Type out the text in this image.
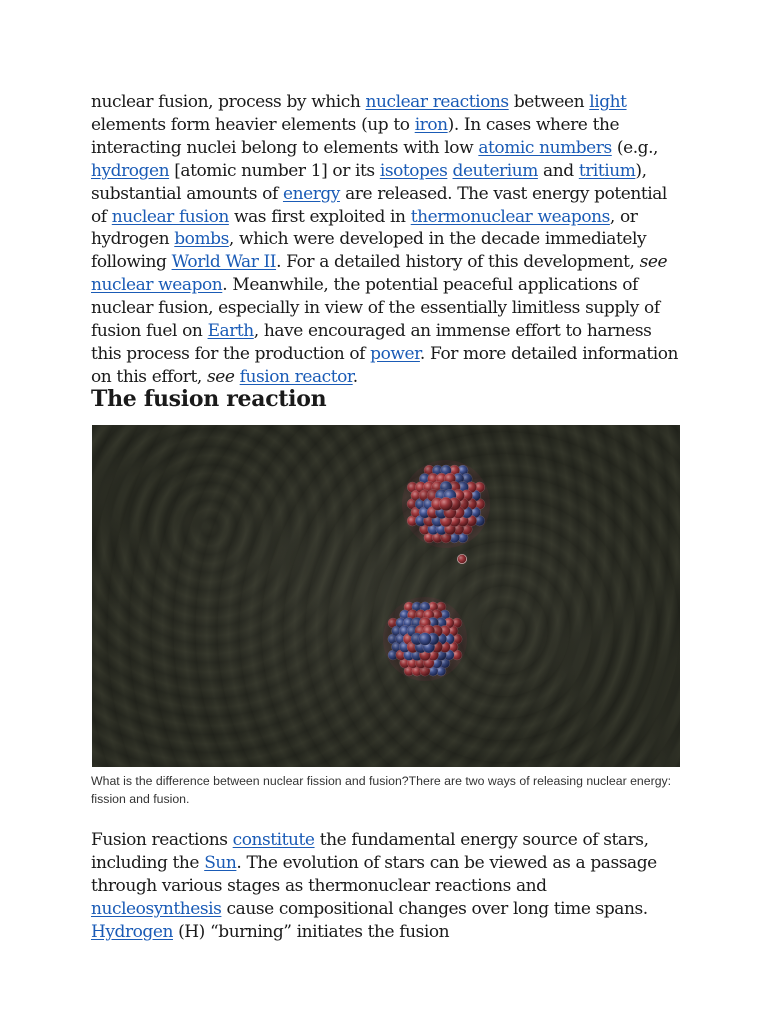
nuclear fusion, process by which nuclear reactions between light elements form heavier elements (up to iron). In cases where the interacting nuclei belong to elements with low atomic numbers (e.g., hydrogen [atomic number 1] or its isotopes deuterium and tritium), substantial amounts of energy are released. The vast energy potential of nuclear fusion was first exploited in thermonuclear weapons, or hydrogen bombs, which were developed in the decade immediately following World War II. For a detailed history of this development, see nuclear weapon. Meanwhile, the potential peaceful applications of nuclear fusion, especially in view of the essentially limitless supply of fusion fuel on Earth, have encouraged an immense effort to harness this process for the production of power. For more detailed information on this effort, see fusion reactor.

The fusion reaction

What is the difference between nuclear fission and fusion?There are two ways of releasing nuclear energy: fission and fusion.

Fusion reactions constitute the fundamental energy source of stars, including the Sun. The evolution of stars can be viewed as a passage through various stages as thermonuclear reactions and nucleosynthesis cause compositional changes over long time spans. Hydrogen (H) “burning” initiates the fusion
